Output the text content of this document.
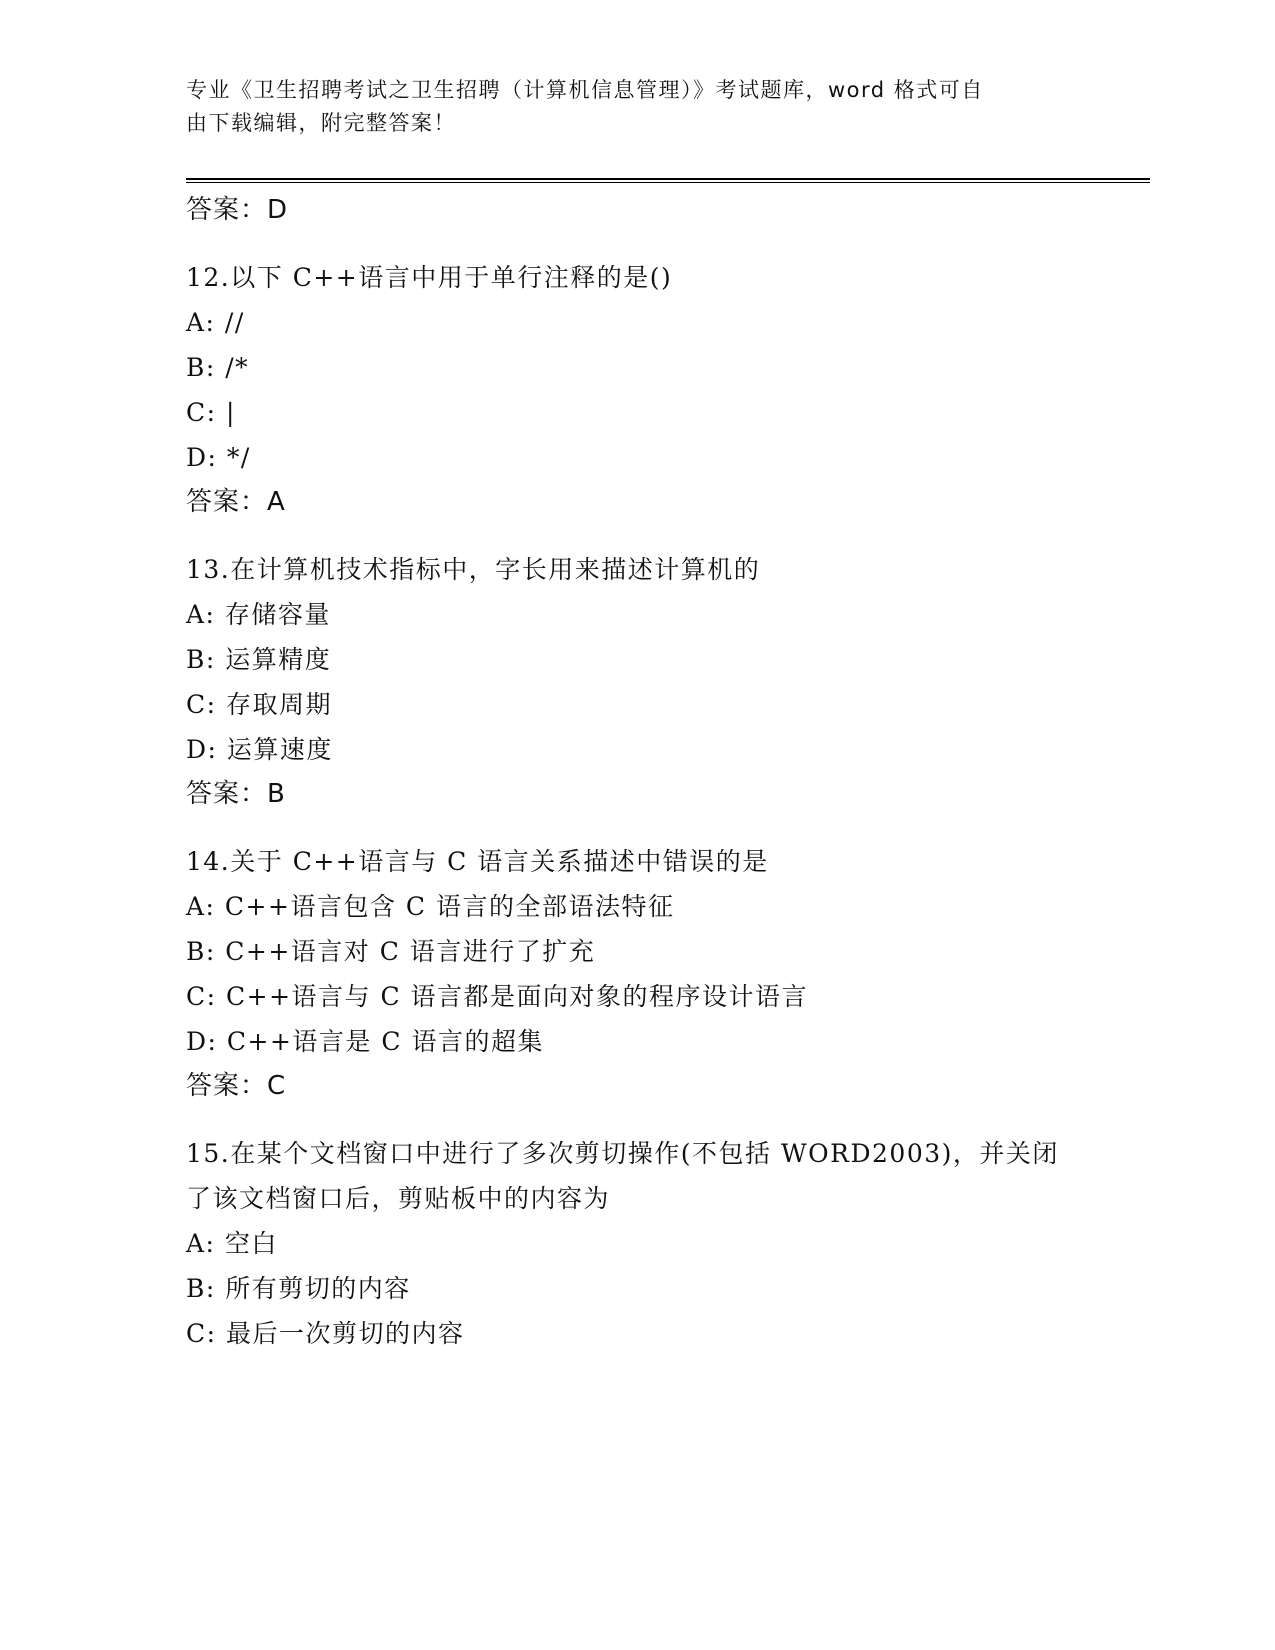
专业《卫生招聘考试之卫生招聘（计算机信息管理）》考试题库，word 格式可自
由下载编辑，附完整答案！
答案：D
12.以下 C++语言中用于单行注释的是()
A: //
B: /*
C: |
D: */
答案：A
13.在计算机技术指标中，字长用来描述计算机的
A: 存储容量
B: 运算精度
C: 存取周期
D: 运算速度
答案：B
14.关于 C++语言与 C 语言关系描述中错误的是
A: C++语言包含 C 语言的全部语法特征
B: C++语言对 C 语言进行了扩充
C: C++语言与 C 语言都是面向对象的程序设计语言
D: C++语言是 C 语言的超集
答案：C
15.在某个文档窗口中进行了多次剪切操作(不包括 WORD2003)，并关闭
了该文档窗口后，剪贴板中的内容为
A: 空白
B: 所有剪切的内容
C: 最后一次剪切的内容
